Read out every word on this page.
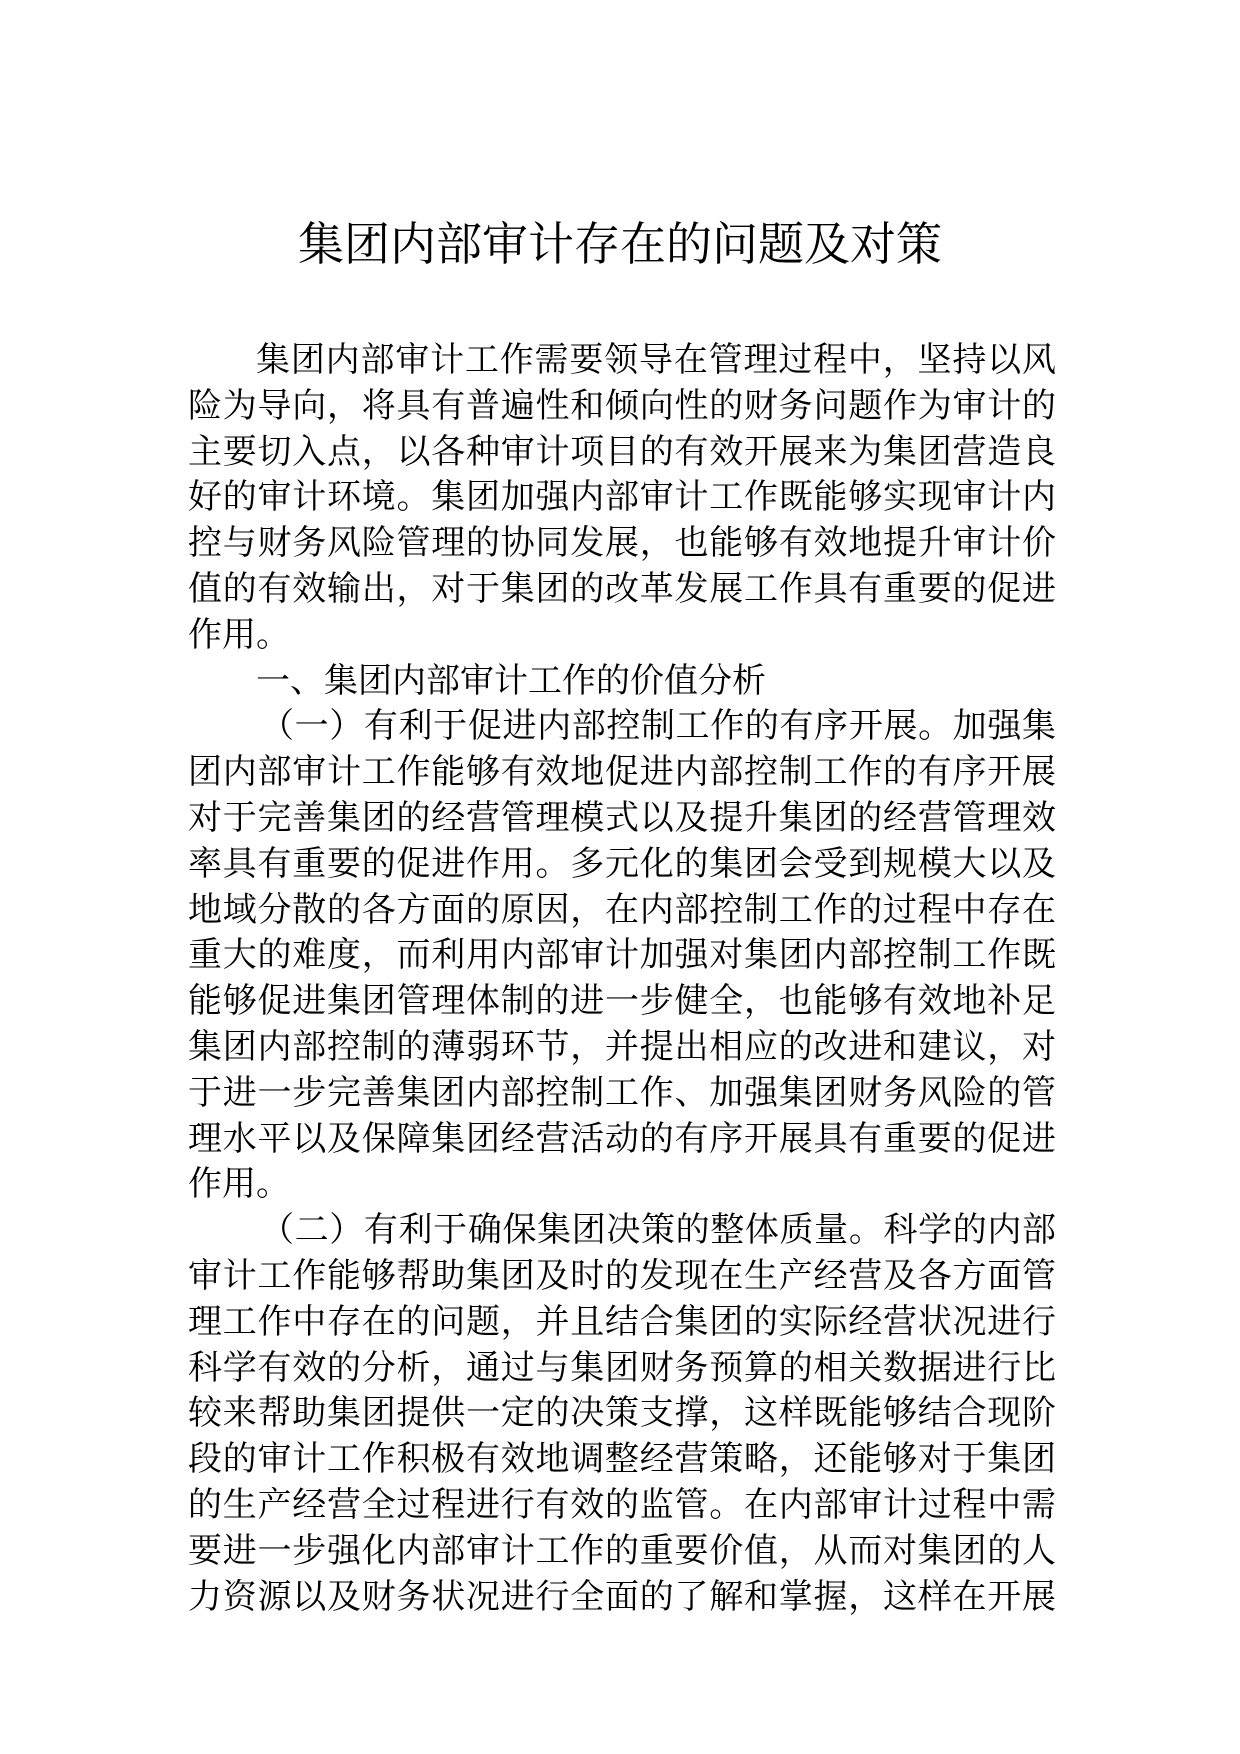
集团内部审计存在的问题及对策
集团内部审计工作需要领导在管理过程中，坚持以风
险为导向，将具有普遍性和倾向性的财务问题作为审计的
主要切入点，以各种审计项目的有效开展来为集团营造良
好的审计环境。集团加强内部审计工作既能够实现审计内
控与财务风险管理的协同发展，也能够有效地提升审计价
值的有效输出，对于集团的改革发展工作具有重要的促进
作用。
一、集团内部审计工作的价值分析
（一）有利于促进内部控制工作的有序开展。加强集
团内部审计工作能够有效地促进内部控制工作的有序开展
对于完善集团的经营管理模式以及提升集团的经营管理效
率具有重要的促进作用。多元化的集团会受到规模大以及
地域分散的各方面的原因，在内部控制工作的过程中存在
重大的难度，而利用内部审计加强对集团内部控制工作既
能够促进集团管理体制的进一步健全，也能够有效地补足
集团内部控制的薄弱环节，并提出相应的改进和建议，对
于进一步完善集团内部控制工作、加强集团财务风险的管
理水平以及保障集团经营活动的有序开展具有重要的促进
作用。
（二）有利于确保集团决策的整体质量。科学的内部
审计工作能够帮助集团及时的发现在生产经营及各方面管
理工作中存在的问题，并且结合集团的实际经营状况进行
科学有效的分析，通过与集团财务预算的相关数据进行比
较来帮助集团提供一定的决策支撑，这样既能够结合现阶
段的审计工作积极有效地调整经营策略，还能够对于集团
的生产经营全过程进行有效的监管。在内部审计过程中需
要进一步强化内部审计工作的重要价值，从而对集团的人
力资源以及财务状况进行全面的了解和掌握，这样在开展
